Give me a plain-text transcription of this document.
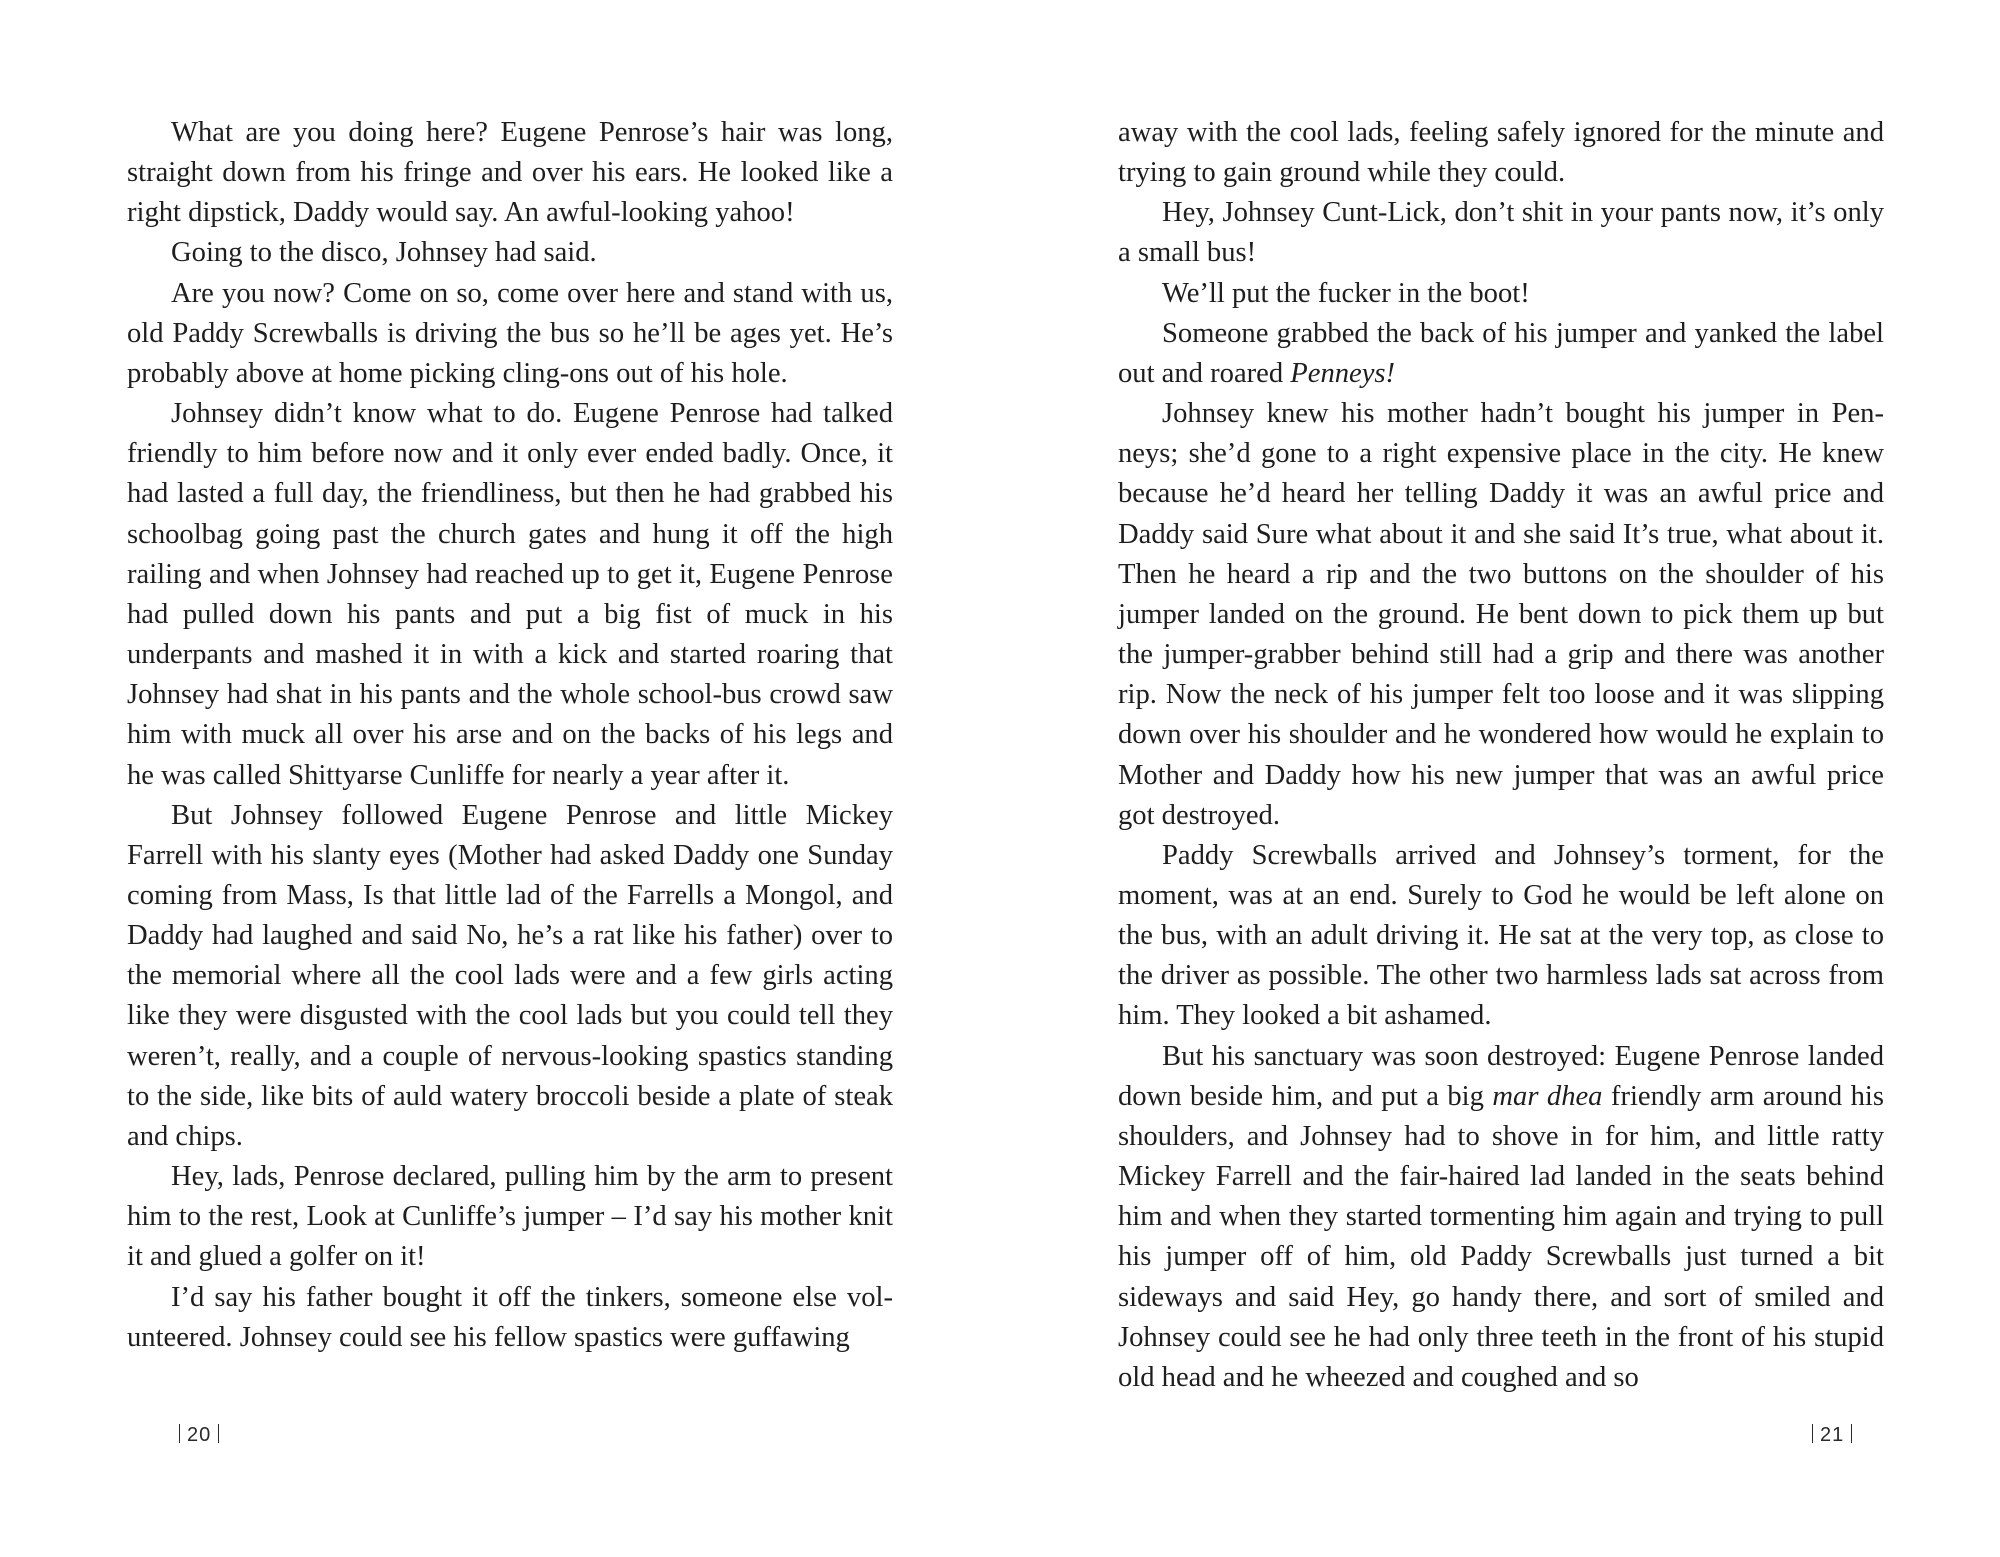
What are you doing here? Eugene Penrose’s hair was long, straight down from his fringe and over his ears. He looked like a right dipstick, Daddy would say. An awful-looking yahoo!

Going to the disco, Johnsey had said.

Are you now? Come on so, come over here and stand with us, old Paddy Screwballs is driving the bus so he’ll be ages yet. He’s probably above at home picking cling-ons out of his hole.

Johnsey didn’t know what to do. Eugene Penrose had talked friendly to him before now and it only ever ended badly. Once, it had lasted a full day, the friendliness, but then he had grabbed his schoolbag going past the church gates and hung it off the high railing and when Johnsey had reached up to get it, Eugene Penrose had pulled down his pants and put a big fist of muck in his underpants and mashed it in with a kick and started roaring that Johnsey had shat in his pants and the whole school-bus crowd saw him with muck all over his arse and on the backs of his legs and he was called Shittyarse Cunliffe for nearly a year after it.

But Johnsey followed Eugene Penrose and little Mickey Farrell with his slanty eyes (Mother had asked Daddy one Sunday coming from Mass, Is that little lad of the Farrells a Mongol, and Daddy had laughed and said No, he’s a rat like his father) over to the memorial where all the cool lads were and a few girls acting like they were disgusted with the cool lads but you could tell they weren’t, really, and a couple of nervous-looking spastics standing to the side, like bits of auld watery broccoli beside a plate of steak and chips.

Hey, lads, Penrose declared, pulling him by the arm to present him to the rest, Look at Cunliffe’s jumper – I’d say his mother knit it and glued a golfer on it!

I’d say his father bought it off the tinkers, someone else volunteered. Johnsey could see his fellow spastics were guffawing

20

away with the cool lads, feeling safely ignored for the minute and trying to gain ground while they could.

Hey, Johnsey Cunt-Lick, don’t shit in your pants now, it’s only a small bus!

We’ll put the fucker in the boot!

Someone grabbed the back of his jumper and yanked the label out and roared Penneys!

Johnsey knew his mother hadn’t bought his jumper in Penneys; she’d gone to a right expensive place in the city. He knew because he’d heard her telling Daddy it was an awful price and Daddy said Sure what about it and she said It’s true, what about it. Then he heard a rip and the two buttons on the shoulder of his jumper landed on the ground. He bent down to pick them up but the jumper-grabber behind still had a grip and there was another rip. Now the neck of his jumper felt too loose and it was slipping down over his shoulder and he wondered how would he explain to Mother and Daddy how his new jumper that was an awful price got destroyed.

Paddy Screwballs arrived and Johnsey’s torment, for the moment, was at an end. Surely to God he would be left alone on the bus, with an adult driving it. He sat at the very top, as close to the driver as possible. The other two harmless lads sat across from him. They looked a bit ashamed.

But his sanctuary was soon destroyed: Eugene Penrose landed down beside him, and put a big mar dhea friendly arm around his shoulders, and Johnsey had to shove in for him, and little ratty Mickey Farrell and the fair-haired lad landed in the seats behind him and when they started tormenting him again and trying to pull his jumper off of him, old Paddy Screwballs just turned a bit sideways and said Hey, go handy there, and sort of smiled and Johnsey could see he had only three teeth in the front of his stupid old head and he wheezed and coughed and so

21
